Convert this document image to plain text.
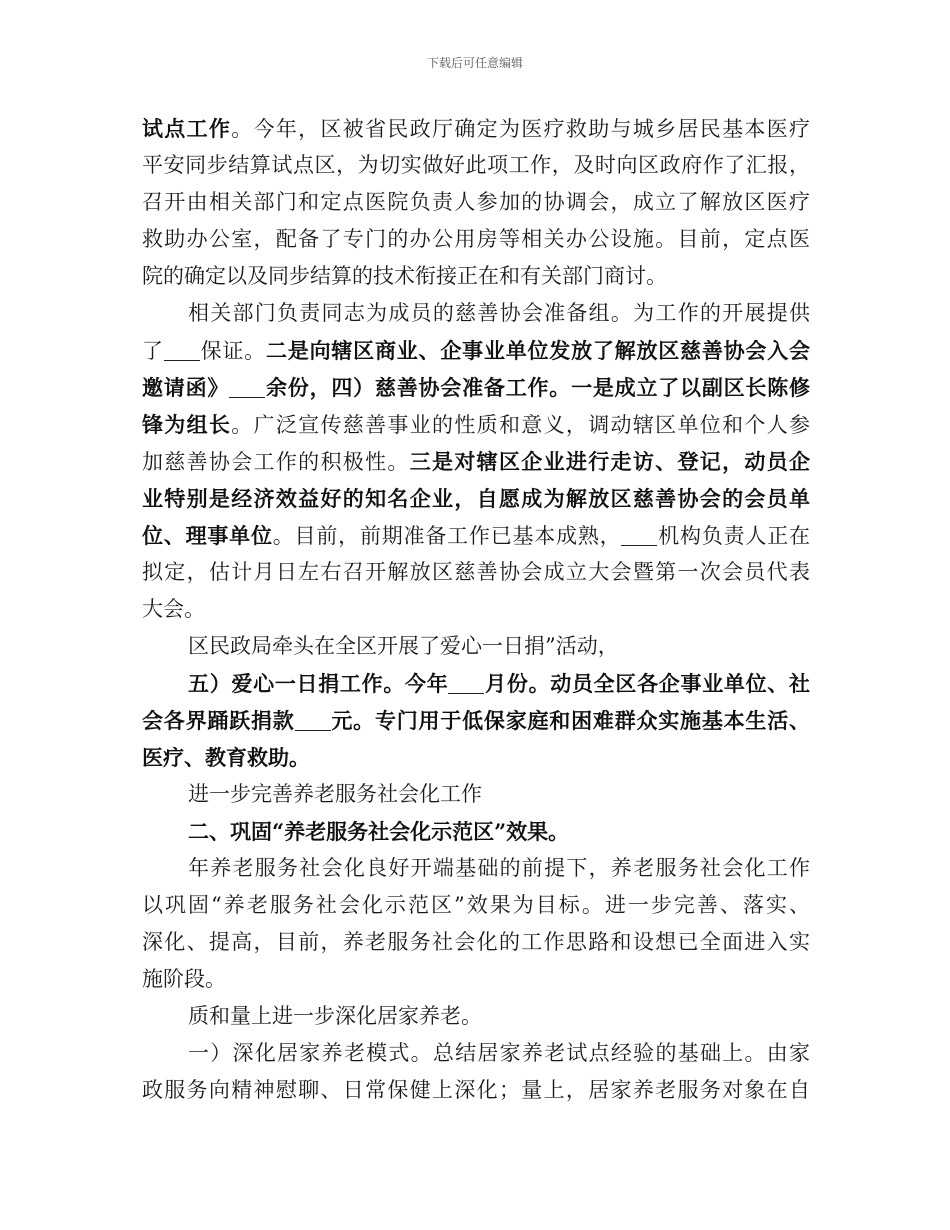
下载后可任意编辑
试点工作。今年，区被省民政厅确定为医疗救助与城乡居民基本医疗
平安同步结算试点区，为切实做好此项工作，及时向区政府作了汇报，
召开由相关部门和定点医院负责人参加的协调会，成立了解放区医疗
救助办公室，配备了专门的办公用房等相关办公设施。目前，定点医
院的确定以及同步结算的技术衔接正在和有关部门商讨。
相关部门负责同志为成员的慈善协会准备组。为工作的开展提供
了 保证。二是向辖区商业、企事业单位发放了解放区慈善协会入会
邀请函》 余份，四）慈善协会准备工作。一是成立了以副区长陈修
锋为组长。广泛宣传慈善事业的性质和意义，调动辖区单位和个人参
加慈善协会工作的积极性。三是对辖区企业进行走访、登记，动员企
业特别是经济效益好的知名企业，自愿成为解放区慈善协会的会员单
位、理事单位。目前，前期准备工作已基本成熟， 机构负责人正在
拟定，估计月日左右召开解放区慈善协会成立大会暨第一次会员代表
大会。
区民政局牵头在全区开展了爱心一日捐”活动，
五）爱心一日捐工作。今年 月份。动员全区各企事业单位、社
会各界踊跃捐款 元。专门用于低保家庭和困难群众实施基本生活、
医疗、教育救助。
进一步完善养老服务社会化工作
二、巩固“养老服务社会化示范区”效果。
年养老服务社会化良好开端基础的前提下，养老服务社会化工作
以巩固“养老服务社会化示范区”效果为目标。进一步完善、落实、
深化、提高，目前，养老服务社会化的工作思路和设想已全面进入实
施阶段。
质和量上进一步深化居家养老。
一）深化居家养老模式。总结居家养老试点经验的基础上。由家
政服务向精神慰聊、日常保健上深化；量上，居家养老服务对象在自
